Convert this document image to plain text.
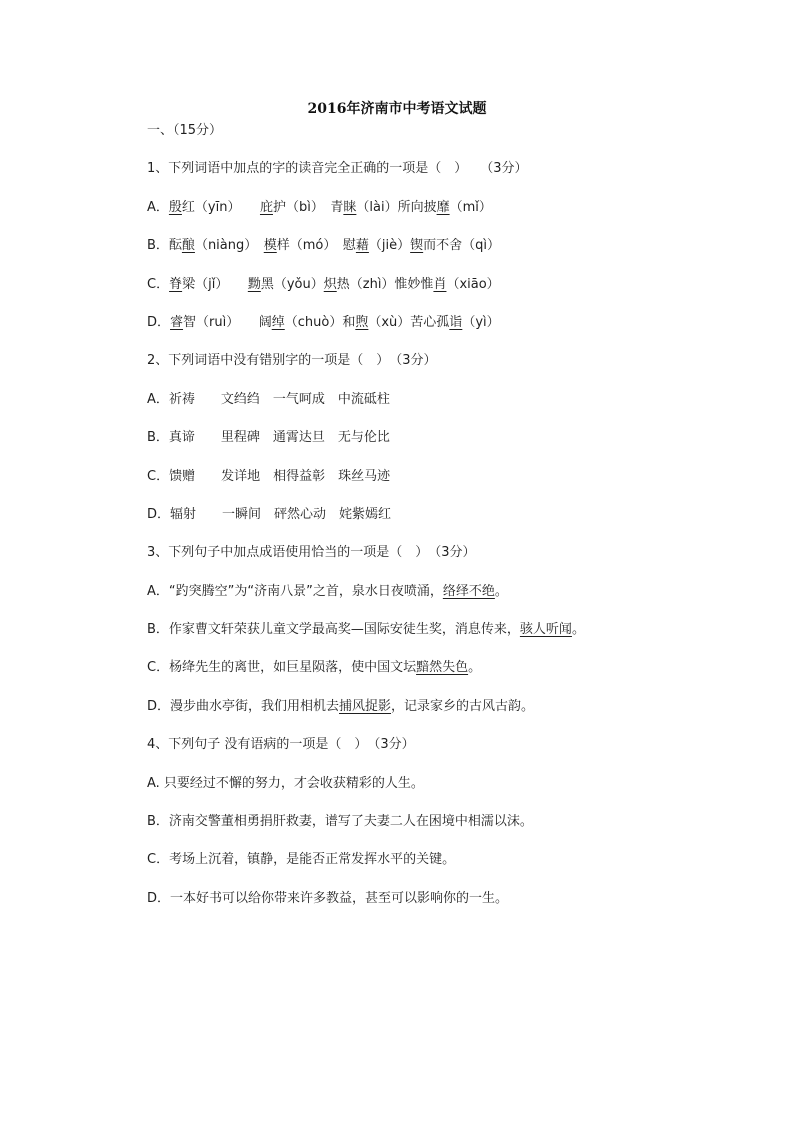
2016年济南市中考语文试题
一、（15分）
1、下列词语中加点的字的读音完全正确的一项是（　）　　（3分）
A．殷红（yīn）　　庇护（bì）　青睐（lài）所向披靡（mǐ）
B．酝酿（niàng）　模样（mó）　慰藉（jiè）锲而不舍（qì）
C．脊梁（jǐ）　　黝黑（yǒu）炽热（zhì）惟妙惟肖（xiāo）
D．睿智（ruì）　　阔绰（chuò）和煦（xù）苦心孤诣（yì）
2、下列词语中没有错别字的一项是（　）　（3分）
A．祈祷　　文绉绉　一气呵成　中流砥柱
B．真谛　　里程碑　通霄达旦　无与伦比
C．馈赠　　发详地　相得益彰　珠丝马迹
D．辐射　　一瞬间　砰然心动　姹紫嫣红
3、下列句子中加点成语使用恰当的一项是（　）　（3分）
A．“趵突腾空”为“济南八景”之首，泉水日夜喷涌，络绎不绝。
B．作家曹文轩荣获儿童文学最高奖—国际安徒生奖，消息传来，骇人听闻。
C．杨绛先生的离世，如巨星陨落，使中国文坛黯然失色。
D．漫步曲水亭街，我们用相机去捕风捉影，记录家乡的古风古韵。
4、下列句子 没有语病的一项是（　）　（3分）
A. 只要经过不懈的努力，才会收获精彩的人生。
B．济南交警董相勇捐肝救妻，谱写了夫妻二人在困境中相濡以沫。
C．考场上沉着，镇静，是能否正常发挥水平的关键。
D．一本好书可以给你带来许多教益，甚至可以影响你的一生。
